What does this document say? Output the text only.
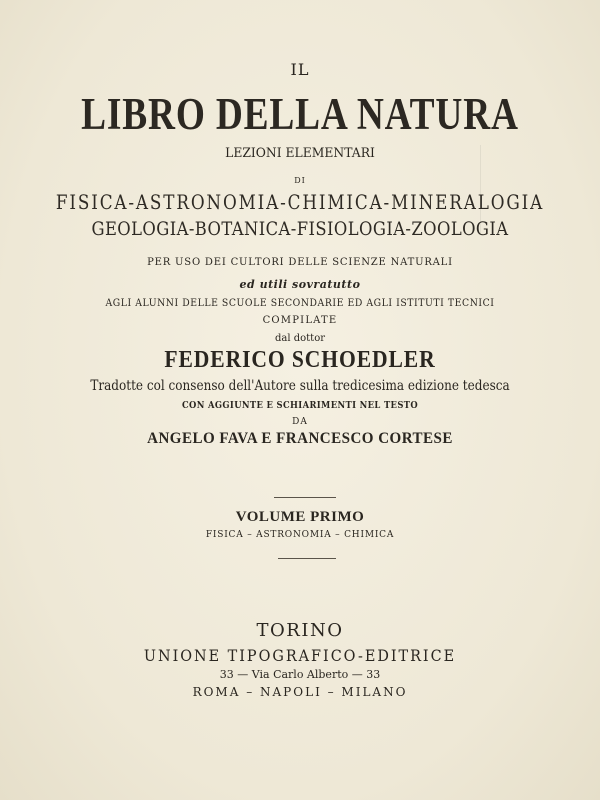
IL
LIBRO DELLA NATURA
LEZIONI ELEMENTARI
DI
FISICA-ASTRONOMIA-CHIMICA-MINERALOGIA
GEOLOGIA-BOTANICA-FISIOLOGIA-ZOOLOGIA
PER USO DEI CULTORI DELLE SCIENZE NATURALI
ed utili sovratutto
AGLI ALUNNI DELLE SCUOLE SECONDARIE ED AGLI ISTITUTI TECNICI
COMPILATE
dal dottor
FEDERICO SCHOEDLER
Tradotte col consenso dell'Autore sulla tredicesima edizione tedesca
CON AGGIUNTE E SCHIARIMENTI NEL TESTO
DA
ANGELO FAVA E FRANCESCO CORTESE
VOLUME PRIMO
FISICA – ASTRONOMIA – CHIMICA
TORINO
UNIONE TIPOGRAFICO-EDITRICE
33 — Via Carlo Alberto — 33
ROMA – NAPOLI – MILANO
